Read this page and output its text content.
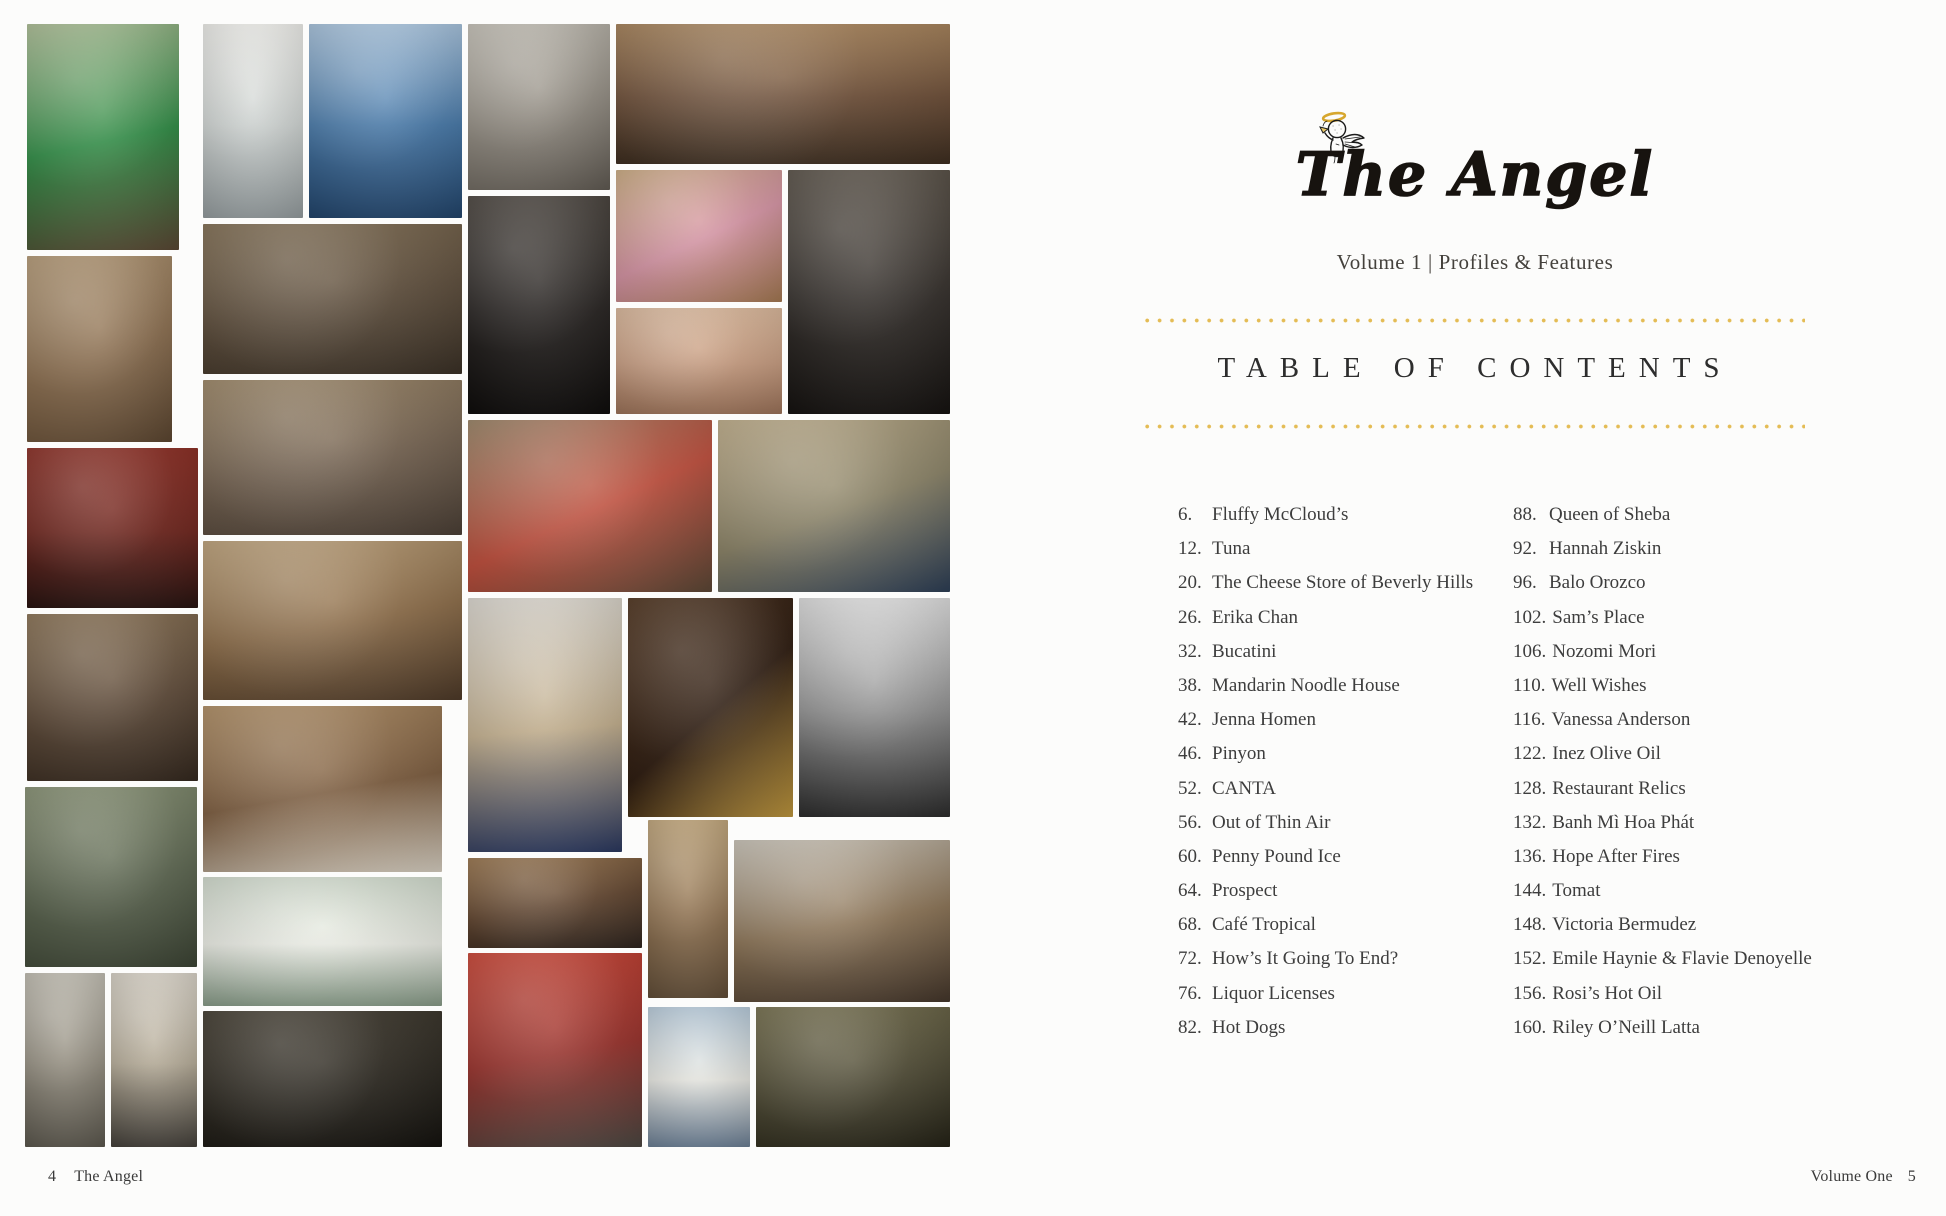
4 The Angel
The Angel
Volume 1 | Profiles & Features
TABLE OF CONTENTS
6.	Fluffy McCloud’s
12. Tuna
20. The Cheese Store of Beverly Hills
26. Erika Chan
32. Bucatini
38. Mandarin Noodle House
42. Jenna Homen
46. Pinyon
52. CANTA
56. Out of Thin Air
60. Penny Pound Ice
64. Prospect
68. Café Tropical
72. How’s It Going To End?
76. Liquor Licenses
82. Hot Dogs
88. Queen of Sheba
92. Hannah Ziskin
96. Balo Orozco
102. Sam’s Place
106. Nozomi Mori
110. Well Wishes
116. Vanessa Anderson
122. Inez Olive Oil
128. Restaurant Relics
132. Banh Mì Hoa Phát
136. Hope After Fires
144. Tomat
148. Victoria Bermudez
152. Emile Haynie & Flavie Denoyelle
156. Rosi’s Hot Oil
160. Riley O’Neill Latta
Volume One 5
